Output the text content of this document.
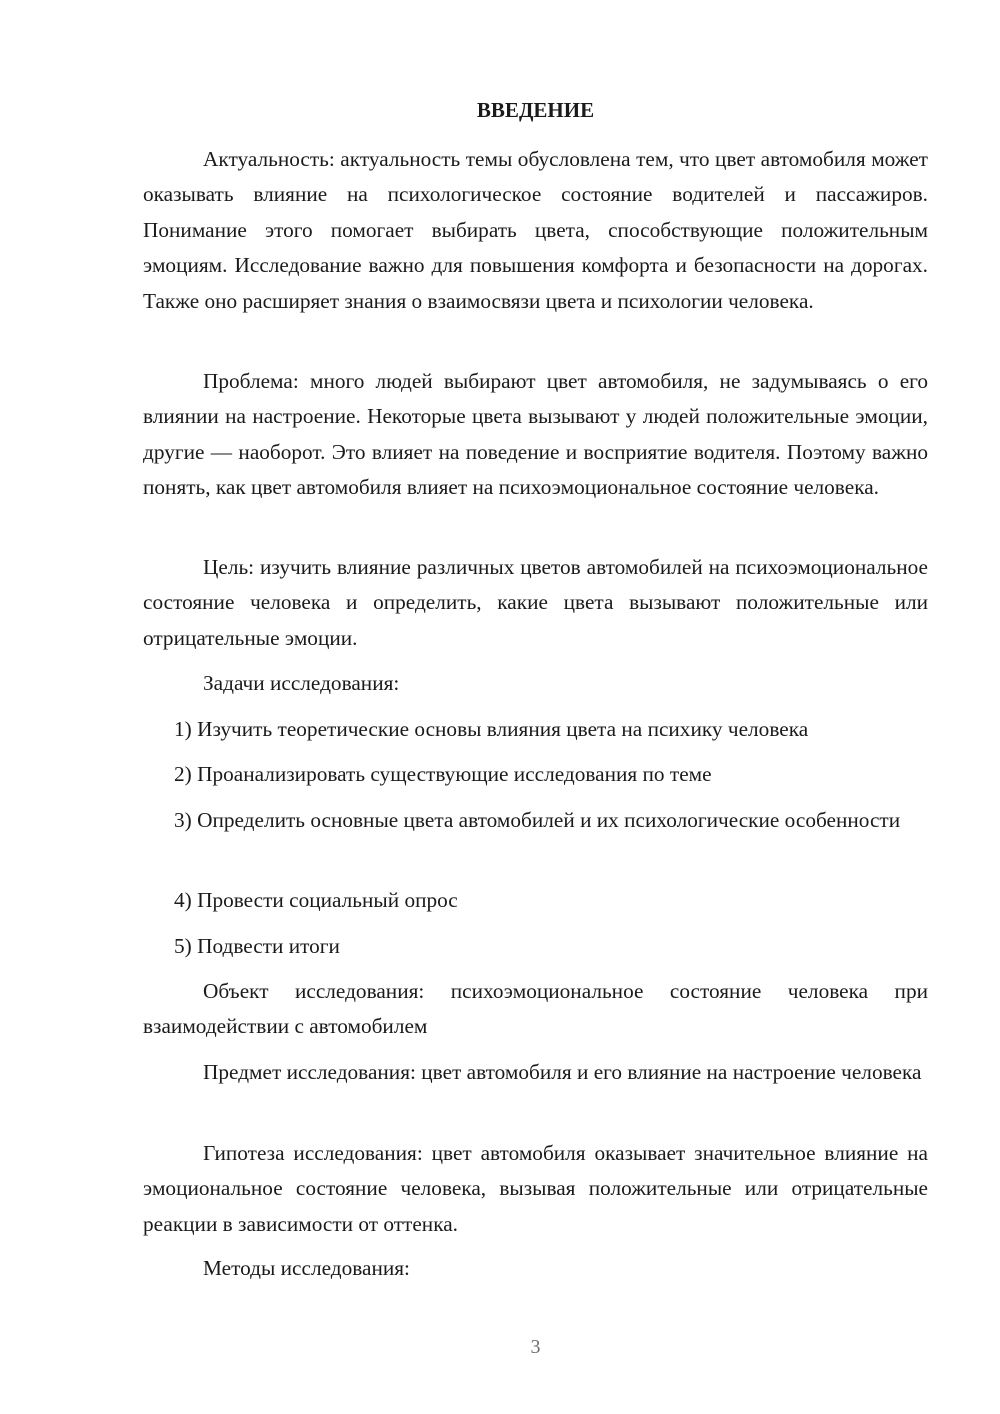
ВВЕДЕНИЕ

Актуальность: актуальность темы обусловлена тем, что цвет автомобиля может оказывать влияние на психологическое состояние водителей и пассажиров. Понимание этого помогает выбирать цвета, способствующие положительным эмоциям. Исследование важно для повышения комфорта и безопасности на дорогах. Также оно расширяет знания о взаимосвязи цвета и психологии человека.

Проблема: много людей выбирают цвет автомобиля, не задумываясь о его влиянии на настроение. Некоторые цвета вызывают у людей положительные эмоции, другие — наоборот. Это влияет на поведение и восприятие водителя. Поэтому важно понять, как цвет автомобиля влияет на психоэмоциональное состояние человека.

Цель: изучить влияние различных цветов автомобилей на психоэмоциональное состояние человека и определить, какие цвета вызывают положительные или отрицательные эмоции.

Задачи исследования:

1) Изучить теоретические основы влияния цвета на психику человека

2) Проанализировать существующие исследования по теме

3) Определить основные цвета автомобилей и их психологические особенности

4) Провести социальный опрос

5) Подвести итоги

Объект исследования: психоэмоциональное состояние человека при взаимодействии с автомобилем

Предмет исследования: цвет автомобиля и его влияние на настроение человека

Гипотеза исследования: цвет автомобиля оказывает значительное влияние на эмоциональное состояние человека, вызывая положительные или отрицательные реакции в зависимости от оттенка.

Методы исследования:

3
